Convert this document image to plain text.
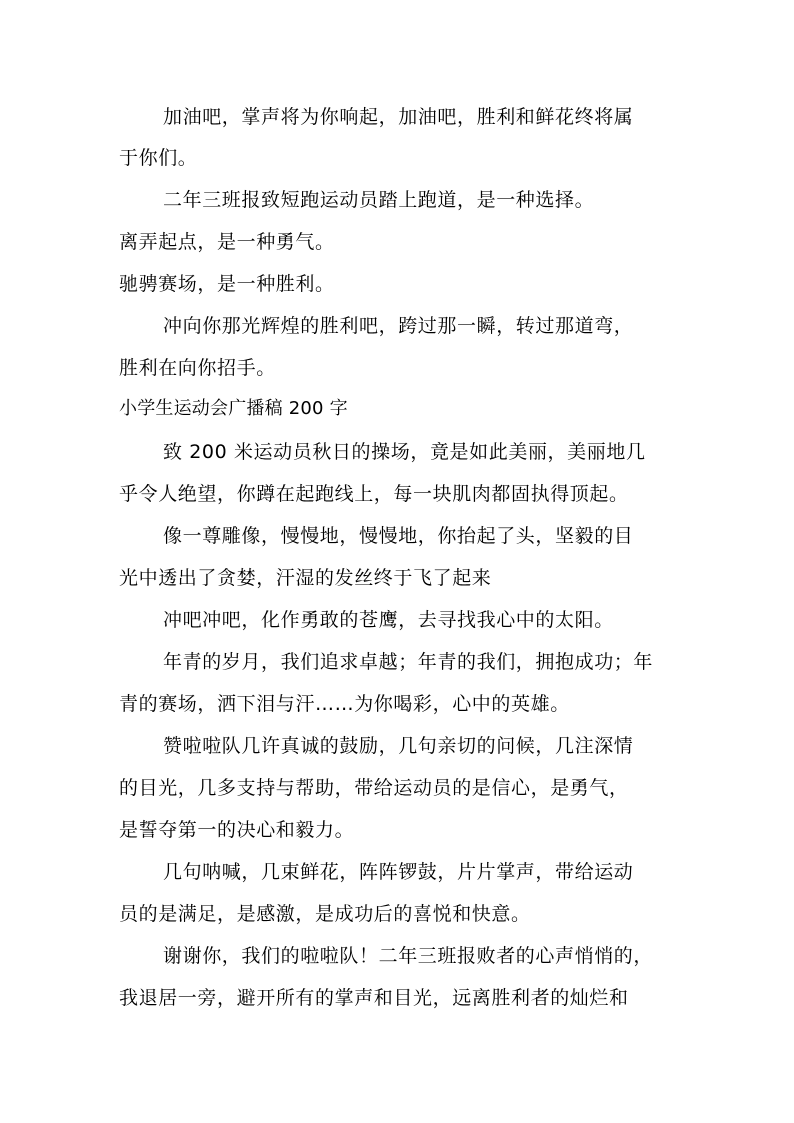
加油吧，掌声将为你响起，加油吧，胜利和鲜花终将属
于你们。
二年三班报致短跑运动员踏上跑道，是一种选择。
离弄起点，是一种勇气。
驰骋赛场，是一种胜利。
冲向你那光辉煌的胜利吧，跨过那一瞬，转过那道弯，
胜利在向你招手。
小学生运动会广播稿 200 字
致 200 米运动员秋日的操场，竟是如此美丽，美丽地几
乎令人绝望，你蹲在起跑线上，每一块肌肉都固执得顶起。
像一尊雕像，慢慢地，慢慢地，你抬起了头，坚毅的目
光中透出了贪婪，汗湿的发丝终于飞了起来
冲吧冲吧，化作勇敢的苍鹰，去寻找我心中的太阳。
年青的岁月，我们追求卓越；年青的我们，拥抱成功；年
青的赛场，洒下泪与汗……为你喝彩，心中的英雄。
赞啦啦队几许真诚的鼓励，几句亲切的问候，几注深情
的目光，几多支持与帮助，带给运动员的是信心，是勇气，
是誓夺第一的决心和毅力。
几句呐喊，几束鲜花，阵阵锣鼓，片片掌声，带给运动
员的是满足，是感激，是成功后的喜悦和快意。
谢谢你，我们的啦啦队！二年三班报败者的心声悄悄的，
我退居一旁，避开所有的掌声和目光，远离胜利者的灿烂和
